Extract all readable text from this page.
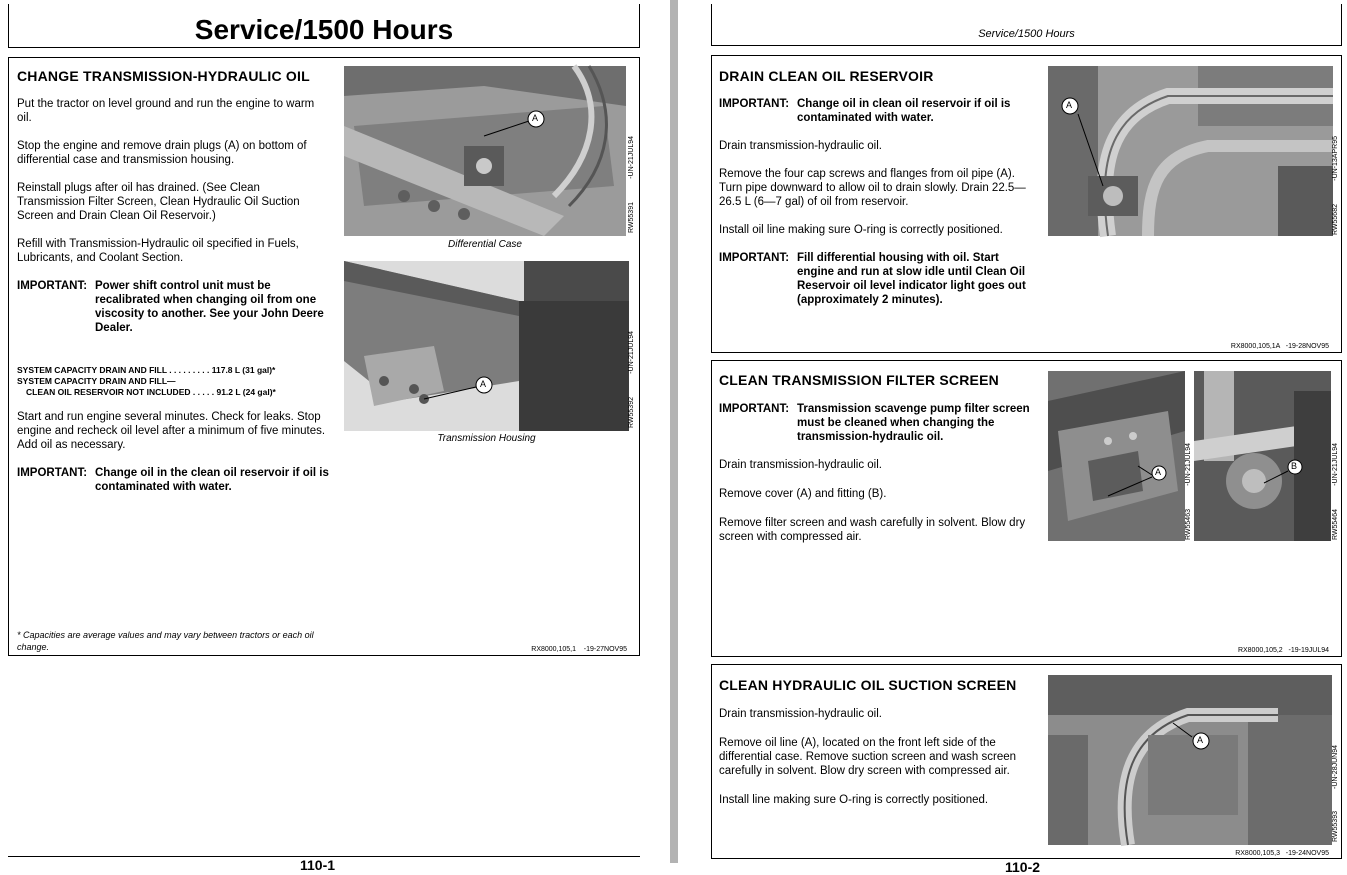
Service/1500 Hours
CHANGE TRANSMISSION-HYDRAULIC OIL
Put the tractor on level ground and run the engine to warm oil.
Stop the engine and remove drain plugs (A) on bottom of differential case and transmission housing.
Reinstall plugs after oil has drained. (See Clean Transmission Filter Screen, Clean Hydraulic Oil Suction Screen and Drain Clean Oil Reservoir.)
Refill with Transmission-Hydraulic oil specified in Fuels, Lubricants, and Coolant Section.
IMPORTANT: Power shift control unit must be recalibrated when changing oil from one viscosity to another. See your John Deere Dealer.
SYSTEM CAPACITY DRAIN AND FILL . . . . . . . . . 117.8 L (31 gal)*
SYSTEM CAPACITY DRAIN AND FILL—
CLEAN OIL RESERVOIR NOT INCLUDED . . . . . 91.2 L (24 gal)*
Start and run engine several minutes. Check for leaks. Stop engine and recheck oil level after a minimum of five minutes. Add oil as necessary.
IMPORTANT: Change oil in the clean oil reservoir if oil is contaminated with water.
A
-UN-21JUL94
RW55391
Differential Case
A
-UN-21JUL94
RW55392
Transmission Housing
* Capacities are average values and may vary between tractors or each oil change.	RX8000,105,1    -19-27NOV95
110-1
Service/1500 Hours
DRAIN CLEAN OIL RESERVOIR
IMPORTANT: Change oil in clean oil reservoir if oil is contaminated with water.
Drain transmission-hydraulic oil.
Remove the four cap screws and flanges from oil pipe (A). Turn pipe downward to allow oil to drain slowly. Drain 22.5—26.5 L (6—7 gal) of oil from reservoir.
Install oil line making sure O-ring is correctly positioned.
IMPORTANT: Fill differential housing with oil. Start engine and run at slow idle until Clean Oil Reservoir oil level indicator light goes out (approximately 2 minutes).
A
-UN-13APR95
RW55682
RX8000,105,1A   -19-28NOV95
CLEAN TRANSMISSION FILTER SCREEN
IMPORTANT: Transmission scavenge pump filter screen must be cleaned when changing the transmission-hydraulic oil.
Drain transmission-hydraulic oil.
Remove cover (A) and fitting (B).
Remove filter screen and wash carefully in solvent. Blow dry screen with compressed air.
A	-UN-21JUL94
RW55463
B	-UN-21JUL94
RW55464
RX8000,105,2   -19-19JUL94
CLEAN HYDRAULIC OIL SUCTION SCREEN
Drain transmission-hydraulic oil.
Remove oil line (A), located on the front left side of the differential case. Remove suction screen and wash screen carefully in solvent. Blow dry screen with compressed air.
Install line making sure O-ring is correctly positioned.
A
-UN-28JUN94
RW55393
RX8000,105,3   -19-24NOV95
110-2
